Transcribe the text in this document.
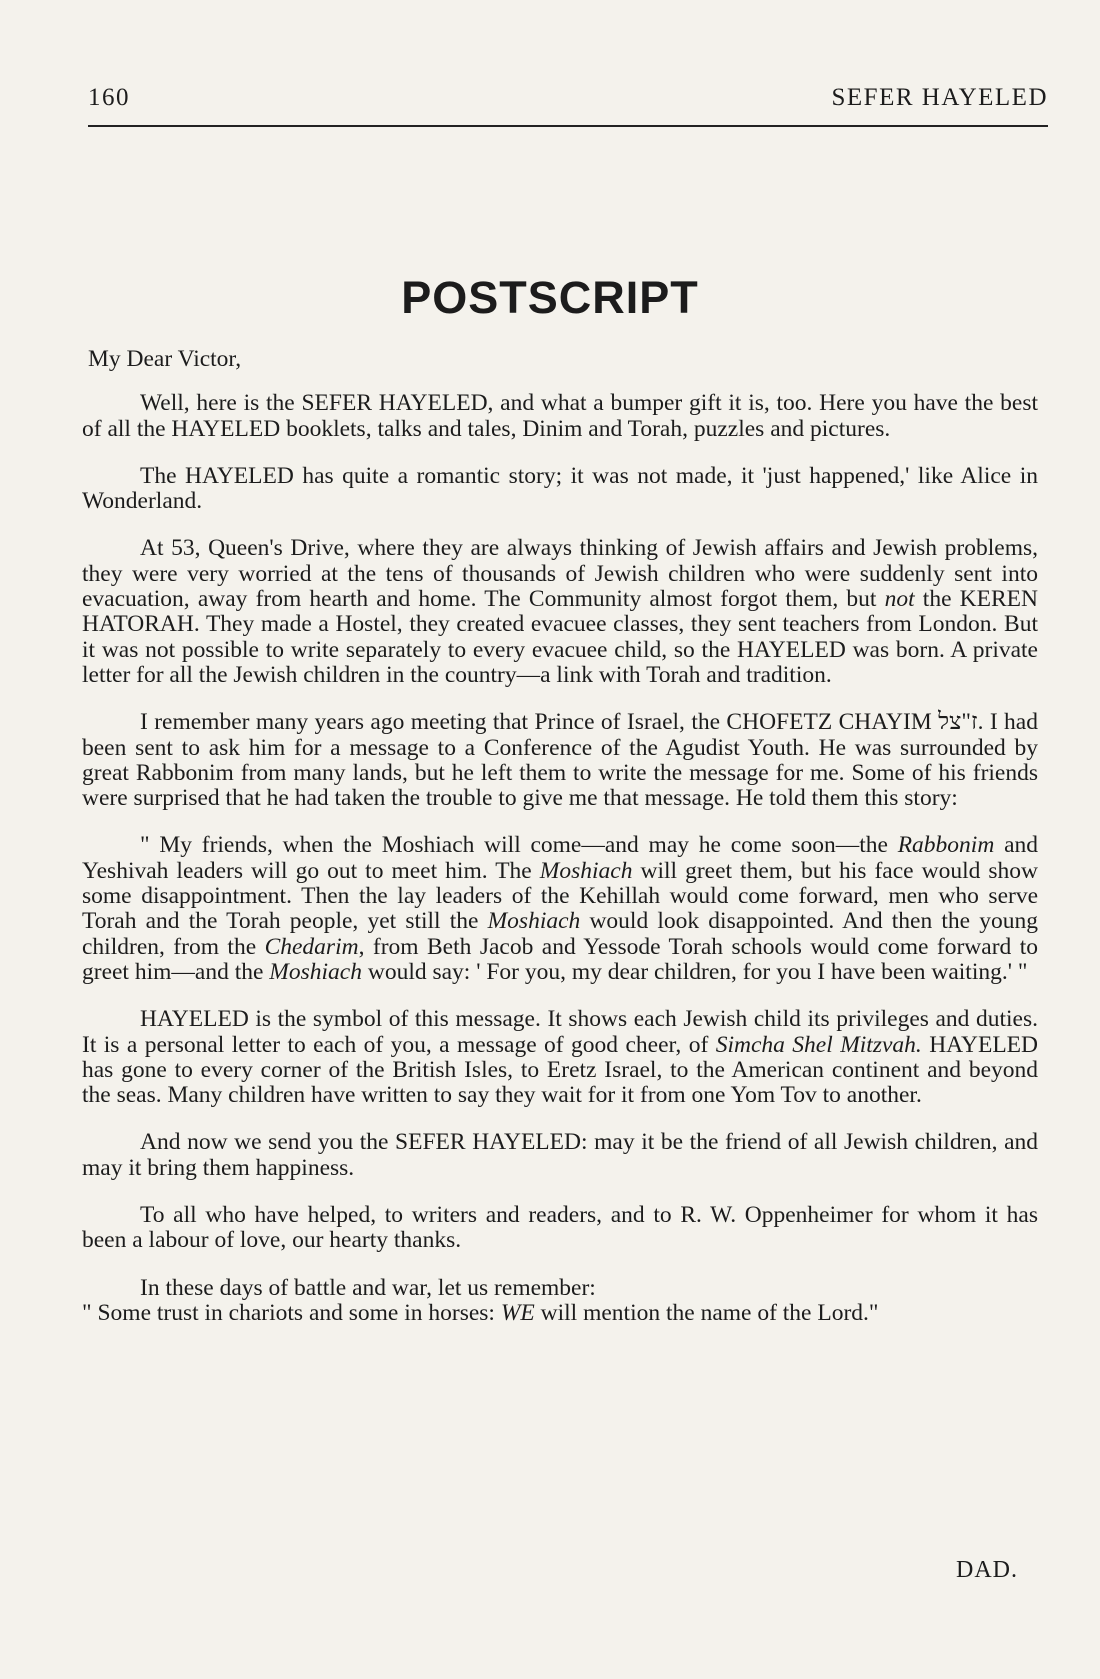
160	SEFER HAYELED
POSTSCRIPT

My Dear Victor,

Well, here is the SEFER HAYELED, and what a bumper gift it is, too. Here you have the best of all the HAYELED booklets, talks and tales, Dinim and Torah, puzzles and pictures.

The HAYELED has quite a romantic story; it was not made, it 'just happened,' like Alice in Wonderland.

At 53, Queen's Drive, where they are always thinking of Jewish affairs and Jewish problems, they were very worried at the tens of thousands of Jewish children who were suddenly sent into evacuation, away from hearth and home. The Community almost forgot them, but not the KEREN HATORAH. They made a Hostel, they created evacuee classes, they sent teachers from London. But it was not possible to write separately to every evacuee child, so the HAYELED was born. A private letter for all the Jewish children in the country—a link with Torah and tradition.

I remember many years ago meeting that Prince of Israel, the CHOFETZ CHAYIM ז"צל. I had been sent to ask him for a message to a Conference of the Agudist Youth. He was surrounded by great Rabbonim from many lands, but he left them to write the message for me. Some of his friends were surprised that he had taken the trouble to give me that message. He told them this story:

" My friends, when the Moshiach will come—and may he come soon—the Rabbonim and Yeshivah leaders will go out to meet him. The Moshiach will greet them, but his face would show some disappointment. Then the lay leaders of the Kehillah would come forward, men who serve Torah and the Torah people, yet still the Moshiach would look disappointed. And then the young children, from the Chedarim, from Beth Jacob and Yessode Torah schools would come forward to greet him—and the Moshiach would say: ' For you, my dear children, for you I have been waiting.' "

HAYELED is the symbol of this message. It shows each Jewish child its privileges and duties. It is a personal letter to each of you, a message of good cheer, of Simcha Shel Mitzvah. HAYELED has gone to every corner of the British Isles, to Eretz Israel, to the American continent and beyond the seas. Many children have written to say they wait for it from one Yom Tov to another.

And now we send you the SEFER HAYELED: may it be the friend of all Jewish children, and may it bring them happiness.

To all who have helped, to writers and readers, and to R. W. Oppenheimer for whom it has been a labour of love, our hearty thanks.

In these days of battle and war, let us remember:

" Some trust in chariots and some in horses: WE will mention the name of the Lord."

DAD.
